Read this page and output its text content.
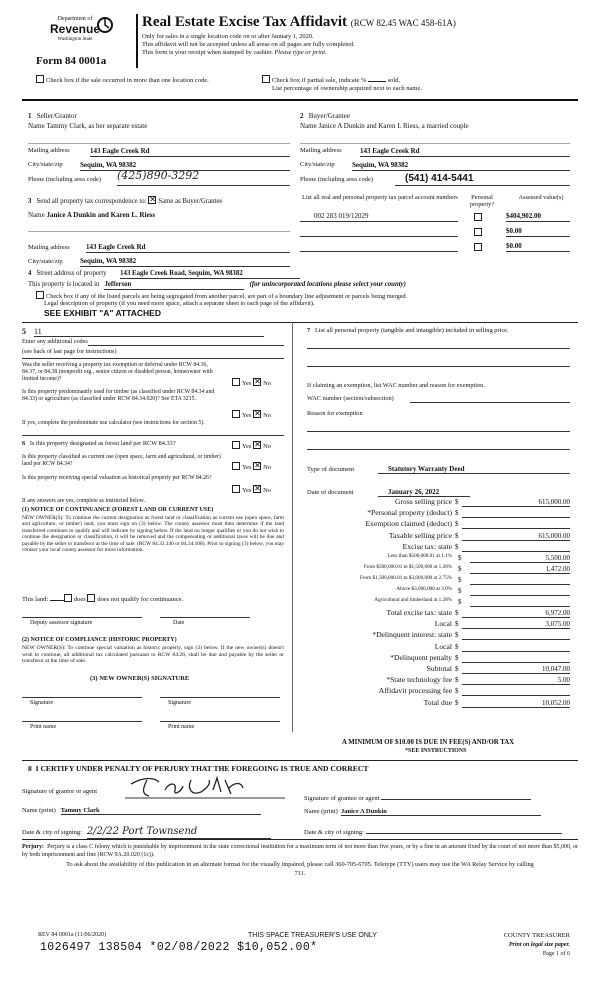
Department of
Revenue
Washington State
Form 84 0001a
Real Estate Excise Tax Affidavit (RCW 82.45 WAC 458-61A)
Only for sales in a single location code on or after January 1, 2020.
This affidavit will not be accepted unless all areas on all pages are fully completed.
This form is your receipt when stamped by cashier. Please type or print.
Check box if the sale occurred in more than one location code.	Check box if partial sale, indicate %	sold.
List percentage of ownership acquired next to each name.
1 Seller/Grantor
Name Tammy Clark, as her separate estate
Mailing address	143 Eagle Creek Rd
City/state/zip Sequim, WA 98382
Phone (including area code) (425)890-3292
2 Buyer/Grantee
Name Janice A Dunkin and Karen L Riess, a married couple
Mailing address	143 Eagle Creek Rd
City/state/zip Sequim, WA 98382
Phone (including area code)	(541) 414-5441
3 Send all property tax correspondence to: ✕ Same as Buyer/Grantee
Name Janice A Dunkin and Karen L. Riess
Mailing address 143 Eagle Creek Rd
City/state/zip Sequim, WA 98382
List all real and personal property tax parcel account numbers	Personal property?
Assessed value(s)
002 283 019/12029	$404,902.00
$0.00
$0.00
4 Street address of property 143 Eagle Creek Road, Sequim, WA 98382
This property is located in Jefferson	(for unincorporated locations please select your county)
Check box if any of the listed parcels are being segregated from another parcel, are part of a boundary line adjustment or parcels being merged.
Legal description of property (if you need more space, attach a separate sheet to each page of the affidavit).
SEE EXHIBIT "A" ATTACHED
5 11
Enter any additional codes
(see back of last page for instructions)
Was the seller receiving a property tax exemption or deferral under RCW 84.36, 84.37, or 84.38 (nonprofit org., senior citizen or disabled person, homeowner with limited income)?
Yes ✕ No
Is this property predominantly used for timber (as classified under RCW 84.34 and 84.33) or agriculture (as classified under RCW 84.34.020)? See ETA 3215.
Yes ✕ No
If yes, complete the predominate use calculator (see instructions for section 5).
6 Is this property designated as forest land per RCW 84.33?	Yes ✕ No
Is this property classified as current use (open space, farm and agricultural, or timber) land per RCW 84.34?	Yes ✕ No
Is this property receiving special valuation as historical property per RCW 84.26?
Yes ✕ No
If any answers are yes, complete as instructed below.
(1) NOTICE OF CONTINUANCE (FOREST LAND OR CURRENT USE)
NEW OWNER(S): To continue the current designation as forest land or classification as current use (open space, farm and agriculture, or timber) land, you must sign on (3) below. The county assessor must then determine if the land transferred continues to qualify and will indicate by signing below. If the land no longer qualifies or you do not wish to continue the designation or classification, it will be removed and the compensating or additional taxes will be due and payable by the seller or transferor at the time of sale. (RCW 84.33.140 or 84.34.108). Prior to signing (3) below, you may contact your local county assessor for more information.
This land:	does does not qualify for continuance.
Deputy assessor signature	Date
(2) NOTICE OF COMPLIANCE (HISTORIC PROPERTY)
NEW OWNER(S): To continue special valuation as historic property, sign (3) below. If the new owner(s) doesn't wish to continue, all additional tax calculated pursuant to RCW 84.26, shall be due and payable by the seller or transferor at the time of sale.
(3) NEW OWNER(S) SIGNATURE
Signature	Signature
Print name	Print name
7 List all personal property (tangible and intangible) included in selling price.
If claiming an exemption, list WAC number and reason for exemption.
WAC number (section/subsection)
Reason for exemption
Type of document	Statutory Warranty Deed
Date of document	January 26, 2022
Gross selling price $	615,000.00
*Personal property (deduct) $
Exemption claimed (deduct) $
Taxable selling price $	615,000.00
Excise tax: state $
Less than $500,000.01 at 1.1% $	5,500.00
From $500,000.01 to $1,500,000 at 1.28% $	1,472.00
From $1,500,000.01 to $3,000,000 at 2.75% $
Above $3,000,000 at 3.0% $
Agricultural and timberland at 1.28% $
Total excise tax: state $	6,972.00
Local $	3,075.00
*Delinquent interest: state $
Local $
*Delinquent penalty $
Subtotal $	10,047.00
*State technology fee $	5.00
Affidavit processing fee $
Total due $	10,052.00
A MINIMUM OF $10.00 IS DUE IN FEE(S) AND/OR TAX
*SEE INSTRUCTIONS
8 I CERTIFY UNDER PENALTY OF PERJURY THAT THE FOREGOING IS TRUE AND CORRECT
Signature of grantor or agent
Name (print) Tammy Clark
Date & city of signing: 2/2/22 Port Townsend
Signature of grantee or agent
Name (print) Janice A Dunkin
Date & city of signing:
Perjury: Perjury is a class C felony which is punishable by imprisonment in the state correctional institution for a maximum term of not more than five years, or by a fine in an amount fixed by the court of not more than $5,000, or by both imprisonment and fine (RCW 9A.20.020 (1c)).
To ask about the availability of this publication in an alternate format for the visually impaired, please call 360-705-6705. Teletype (TTY) users may use the WA Relay Service by calling 711.
REV 84 0001a (11/06/2020)	THIS SPACE TREASURER'S USE ONLY
1026497 138504 *02/08/2022 $10,052.00*
COUNTY TREASURER
Print on legal size paper.
Page 1 of 6
